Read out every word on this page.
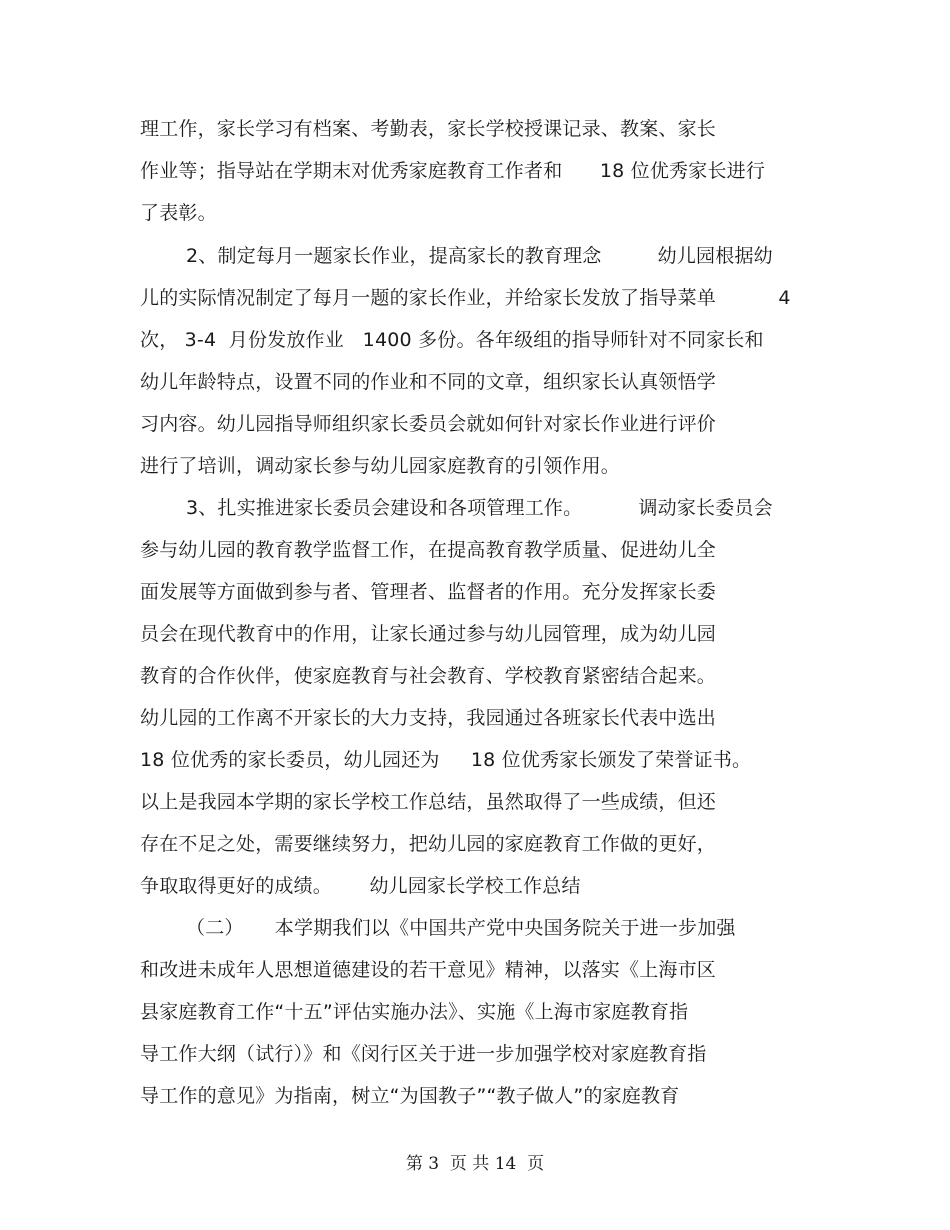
理工作，家长学习有档案、考勤表，家长学校授课记录、教案、家长
作业等；指导站在学期末对优秀家庭教育工作者和      18 位优秀家长进行
了表彰。
2、制定每月一题家长作业，提高家长的教育理念         幼儿园根据幼
儿的实际情况制定了每月一题的家长作业，并给家长发放了指导菜单          4
次， 3-4  月份发放作业   1400 多份。各年级组的指导师针对不同家长和
幼儿年龄特点，设置不同的作业和不同的文章，组织家长认真领悟学
习内容。幼儿园指导师组织家长委员会就如何针对家长作业进行评价
进行了培训，调动家长参与幼儿园家庭教育的引领作用。
3、扎实推进家长委员会建设和各项管理工作。         调动家长委员会
参与幼儿园的教育教学监督工作，在提高教育教学质量、促进幼儿全
面发展等方面做到参与者、管理者、监督者的作用。充分发挥家长委
员会在现代教育中的作用，让家长通过参与幼儿园管理，成为幼儿园
教育的合作伙伴，使家庭教育与社会教育、学校教育紧密结合起来。
幼儿园的工作离不开家长的大力支持，我园通过各班家长代表中选出
18 位优秀的家长委员，幼儿园还为     18 位优秀家长颁发了荣誉证书。
以上是我园本学期的家长学校工作总结，虽然取得了一些成绩，但还
存在不足之处，需要继续努力，把幼儿园的家庭教育工作做的更好，
争取取得更好的成绩。      幼儿园家长学校工作总结
（二）     本学期我们以《中国共产党中央国务院关于进一步加强
和改进未成年人思想道德建设的若干意见》精神，以落实《上海市区
县家庭教育工作“十五”评估实施办法》、实施《上海市家庭教育指
导工作大纲（试行）》和《闵行区关于进一步加强学校对家庭教育指
导工作的意见》为指南，树立“为国教子”“教子做人”的家庭教育
第 3  页 共 14  页
